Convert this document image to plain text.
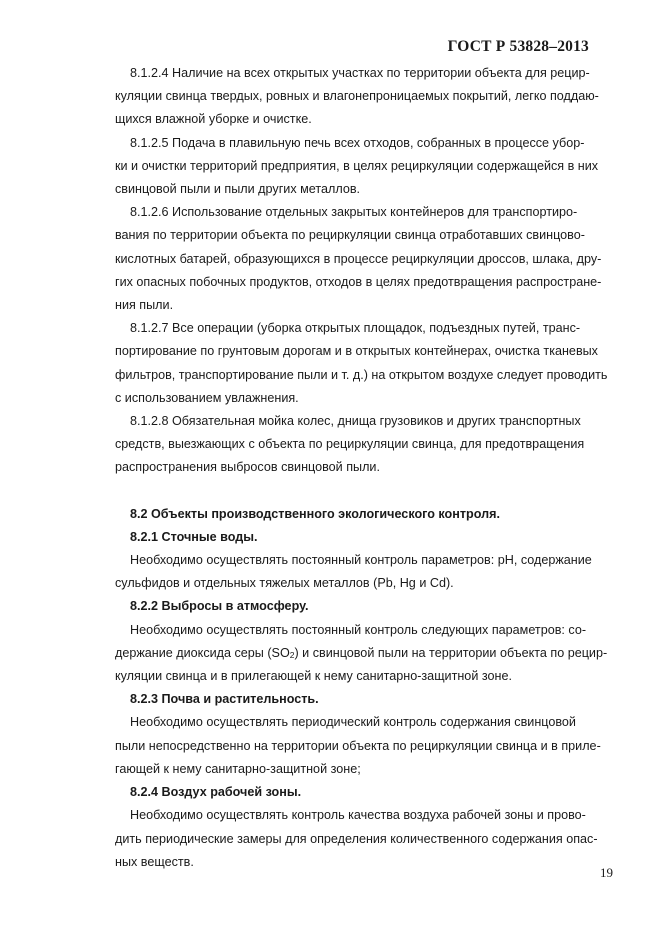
ГОСТ Р 53828–2013
8.1.2.4 Наличие на всех открытых участках по территории объекта для рецир-
куляции свинца твердых, ровных и влагонепроницаемых покрытий, легко поддаю-
щихся влажной уборке и очистке.
8.1.2.5 Подача в плавильную печь всех отходов, собранных в процессе убор-
ки и очистки территорий предприятия, в целях рециркуляции содержащейся в них
свинцовой пыли и пыли других металлов.
8.1.2.6 Использование отдельных закрытых контейнеров для транспортиро-
вания по территории объекта по рециркуляции свинца отработавших свинцово-
кислотных батарей, образующихся в процессе рециркуляции дроссов, шлака, дру-
гих опасных побочных продуктов, отходов в целях предотвращения распростране-
ния пыли.
8.1.2.7 Все операции (уборка открытых площадок, подъездных путей, транс-
портирование по грунтовым дорогам и в открытых контейнерах, очистка тканевых
фильтров, транспортирование пыли и т. д.) на открытом воздухе следует проводить
с использованием увлажнения.
8.1.2.8 Обязательная мойка колес, днища грузовиков и других транспортных
средств, выезжающих с объекта по рециркуляции свинца, для предотвращения
распространения выбросов свинцовой пыли.
8.2 Объекты производственного экологического контроля.
8.2.1 Сточные воды.
Необходимо осуществлять постоянный контроль параметров: pH, содержание
сульфидов и отдельных тяжелых металлов (Pb, Hg и Cd).
8.2.2 Выбросы в атмосферу.
Необходимо осуществлять постоянный контроль следующих параметров: со-
держание диоксида серы $(SO_2)$ и свинцовой пыли на территории объекта по рецир-
куляции свинца и в прилегающей к нему санитарно-защитной зоне.
8.2.3 Почва и растительность.
Необходимо осуществлять периодический контроль содержания свинцовой
пыли непосредственно на территории объекта по рециркуляции свинца и в приле-
гающей к нему санитарно-защитной зоне;
8.2.4 Воздух рабочей зоны.
Необходимо осуществлять контроль качества воздуха рабочей зоны и прово-
дить периодические замеры для определения количественного содержания опас-
ных веществ.
19
